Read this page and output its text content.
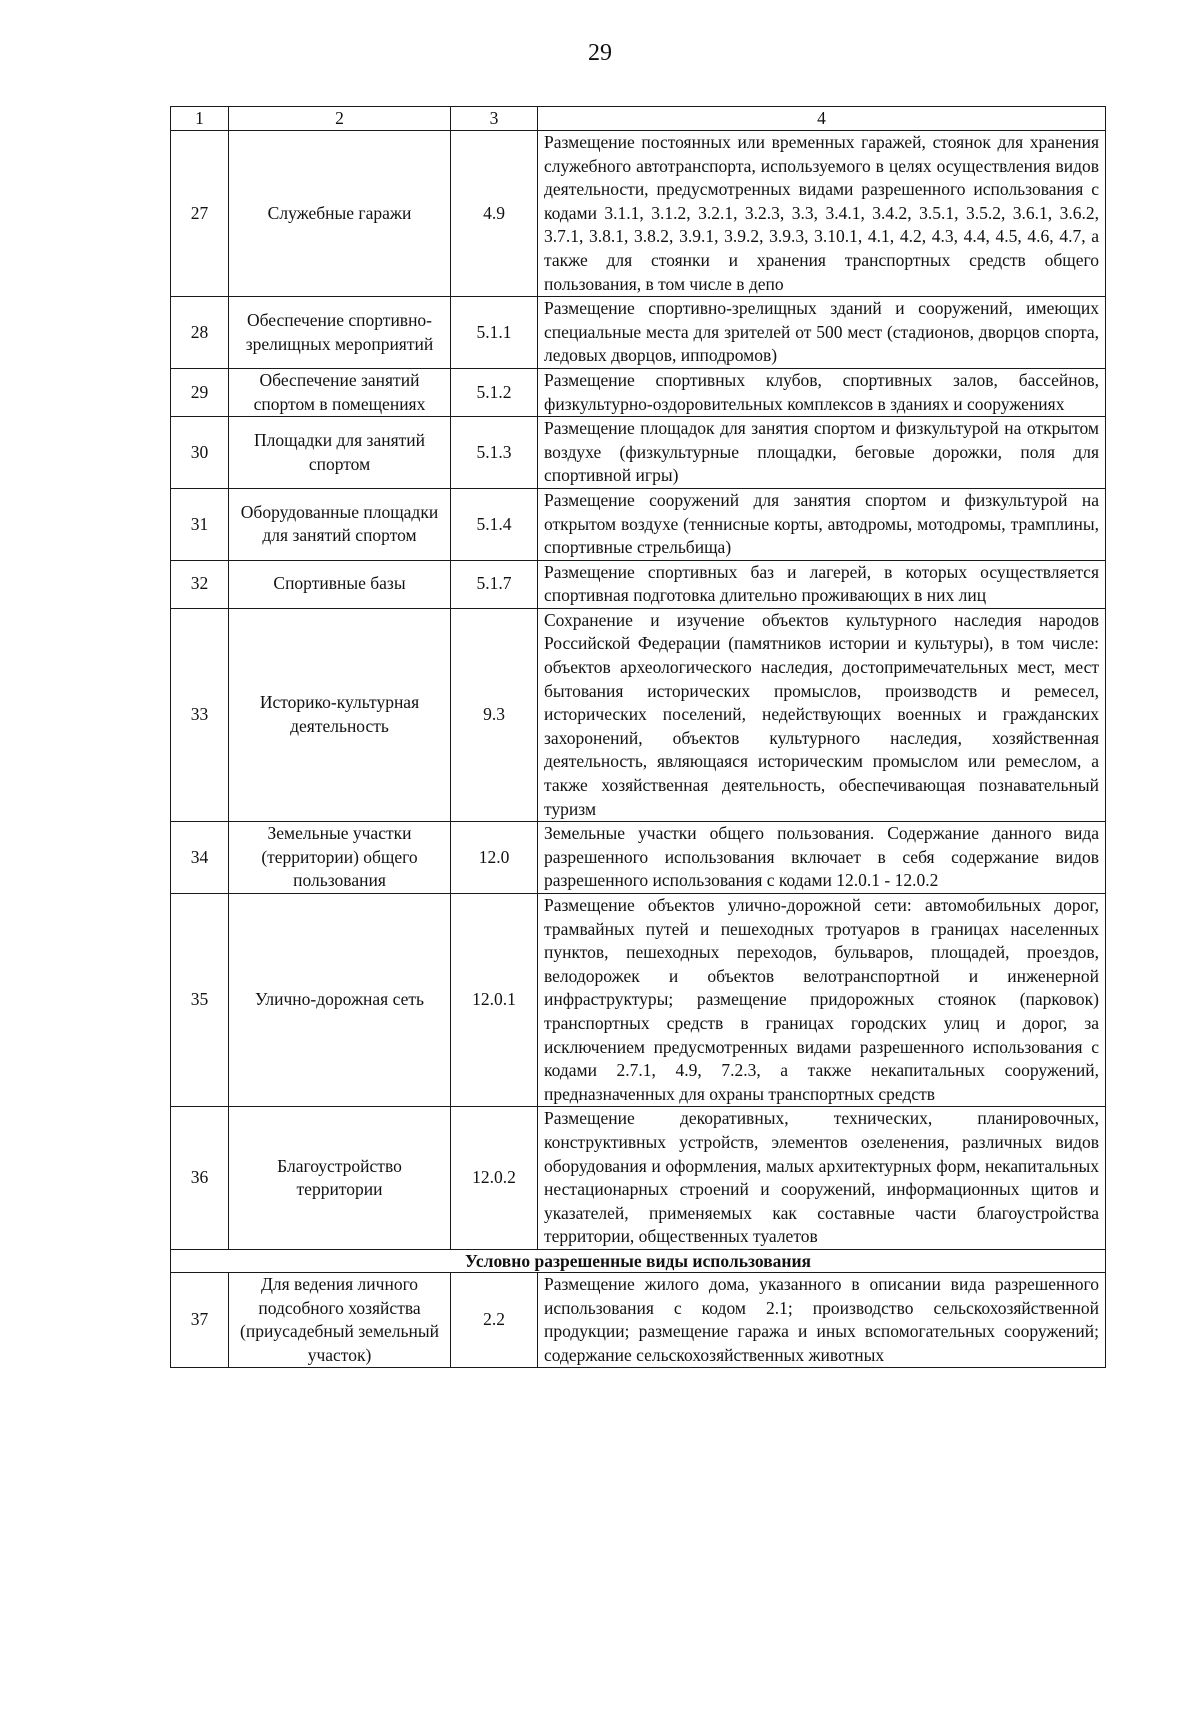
29
1	2	3	4
27	Служебные гаражи	4.9	Размещение постоянных или временных гаражей, стоянок для хранения служебного автотранспорта, используемого в целях осуществления видов деятельности, предусмотренных видами разрешенного использования с кодами 3.1.1, 3.1.2, 3.2.1, 3.2.3, 3.3, 3.4.1, 3.4.2, 3.5.1, 3.5.2, 3.6.1, 3.6.2, 3.7.1, 3.8.1, 3.8.2, 3.9.1, 3.9.2, 3.9.3, 3.10.1, 4.1, 4.2, 4.3, 4.4, 4.5, 4.6, 4.7, а также для стоянки и хранения транспортных средств общего пользования, в том числе в депо
28	Обеспечение спортивно-зрелищных мероприятий	5.1.1	Размещение спортивно-зрелищных зданий и сооружений, имеющих специальные места для зрителей от 500 мест (стадионов, дворцов спорта, ледовых дворцов, ипподромов)
29	Обеспечение занятий спортом в помещениях	5.1.2	Размещение спортивных клубов, спортивных залов, бассейнов, физкультурно-оздоровительных комплексов в зданиях и сооружениях
30	Площадки для занятий спортом	5.1.3	Размещение площадок для занятия спортом и физкультурой на открытом воздухе (физкультурные площадки, беговые дорожки, поля для спортивной игры)
31	Оборудованные площадки для занятий спортом	5.1.4	Размещение сооружений для занятия спортом и физкультурой на открытом воздухе (теннисные корты, автодромы, мотодромы, трамплины, спортивные стрельбища)
32	Спортивные базы	5.1.7	Размещение спортивных баз и лагерей, в которых осуществляется спортивная подготовка длительно проживающих в них лиц
33	Историко-культурная деятельность	9.3	Сохранение и изучение объектов культурного наследия народов Российской Федерации (памятников истории и культуры), в том числе: объектов археологического наследия, достопримечательных мест, мест бытования исторических промыслов, производств и ремесел, исторических поселений, недействующих военных и гражданских захоронений, объектов культурного наследия, хозяйственная деятельность, являющаяся историческим промыслом или ремеслом, а также хозяйственная деятельность, обеспечивающая познавательный туризм
34	Земельные участки (территории) общего пользования	12.0	Земельные участки общего пользования. Содержание данного вида разрешенного использования включает в себя содержание видов разрешенного использования с кодами 12.0.1 - 12.0.2
35	Улично-дорожная сеть	12.0.1	Размещение объектов улично-дорожной сети: автомобильных дорог, трамвайных путей и пешеходных тротуаров в границах населенных пунктов, пешеходных переходов, бульваров, площадей, проездов, велодорожек и объектов велотранспортной и инженерной инфраструктуры; размещение придорожных стоянок (парковок) транспортных средств в границах городских улиц и дорог, за исключением предусмотренных видами разрешенного использования с кодами 2.7.1, 4.9, 7.2.3, а также некапитальных сооружений, предназначенных для охраны транспортных средств
36	Благоустройство территории	12.0.2	Размещение декоративных, технических, планировочных, конструктивных устройств, элементов озеленения, различных видов оборудования и оформления, малых архитектурных форм, некапитальных нестационарных строений и сооружений, информационных щитов и указателей, применяемых как составные части благоустройства территории, общественных туалетов
Условно разрешенные виды использования			
37	Для ведения личного подсобного хозяйства (приусадебный земельный участок)	2.2	Размещение жилого дома, указанного в описании вида разрешенного использования с кодом 2.1; производство сельскохозяйственной продукции; размещение гаража и иных вспомогательных сооружений; содержание сельскохозяйственных животных
